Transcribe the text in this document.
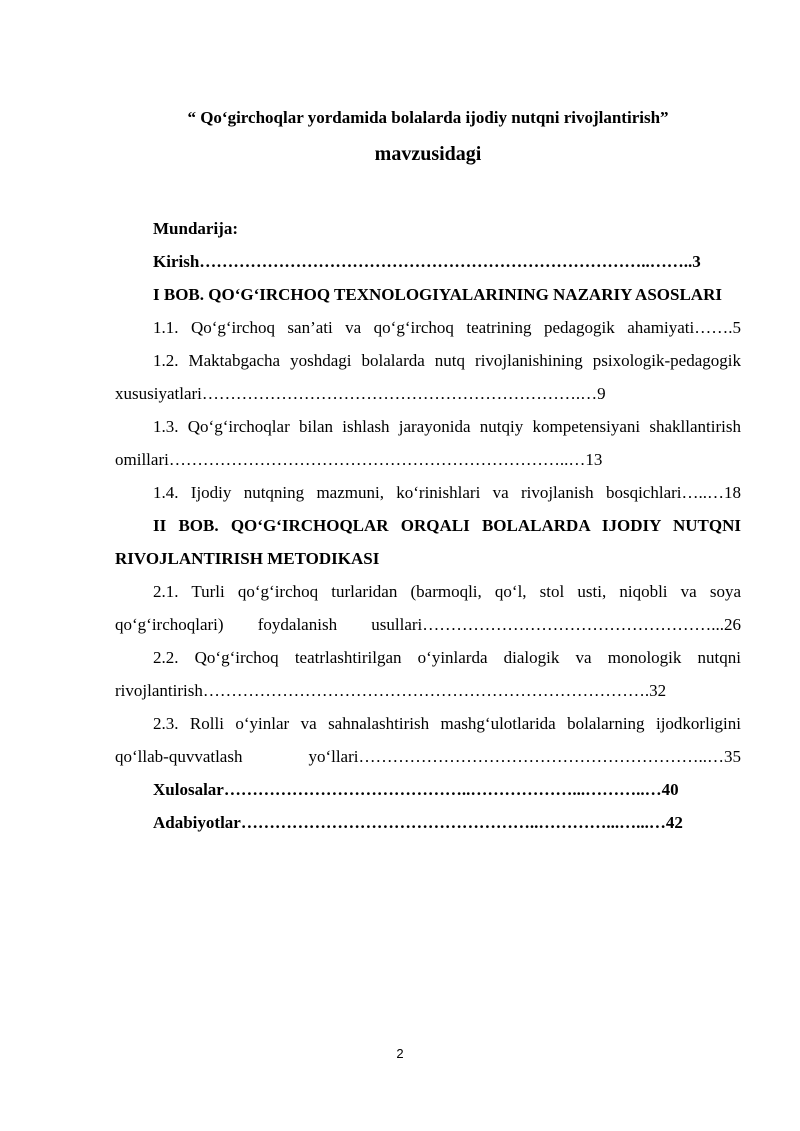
“ Qo‘girchoqlar yordamida bolalarda ijodiy nutqni rivojlantirish”
mavzusidagi
Mundarija:
Kirish……………………………………………………………………..……..3
I BOB. QO‘G‘IRCHOQ TEXNOLOGIYALARINING NAZARIY ASOSLARI
1.1. Qo‘g‘irchoq san’ati va qo‘g‘irchoq teatrining pedagogik ahamiyati…….5
1.2. Maktabgacha yoshdagi bolalarda nutq rivojlanishining psixologik-pedagogik xususiyatlari………………………………………………………….…9
1.3. Qo‘g‘irchoqlar bilan ishlash jarayonida nutqiy kompetensiyani shakllantirish omillari……………………………………………………………..…13
1.4. Ijodiy nutqning mazmuni, ko‘rinishlari va rivojlanish bosqichlari…..…18
II BOB. QO‘G‘IRCHOQLAR ORQALI BOLALARDA IJODIY NUTQNI RIVOJLANTIRISH METODIKASI
2.1. Turli qo‘g‘irchoq turlaridan (barmoqli, qo‘l, stol usti, niqobli va soya qo‘g‘irchoqlari) foydalanish usullari……………………………………………...26
2.2. Qo‘g‘irchoq teatrlashtirilgan o‘yinlarda dialogik va monologik nutqni rivojlantirish…………………………………………………………………….32
2.3. Rolli o‘yinlar va sahnalashtirish mashg‘ulotlarida bolalarning ijodkorligini qo‘llab-quvvatlash yo‘llari……………………………………………………..…35
Xulosalar……………………………………..………………...………..…40
Adabiyotlar……………………………………………..…………...…...…42
2
